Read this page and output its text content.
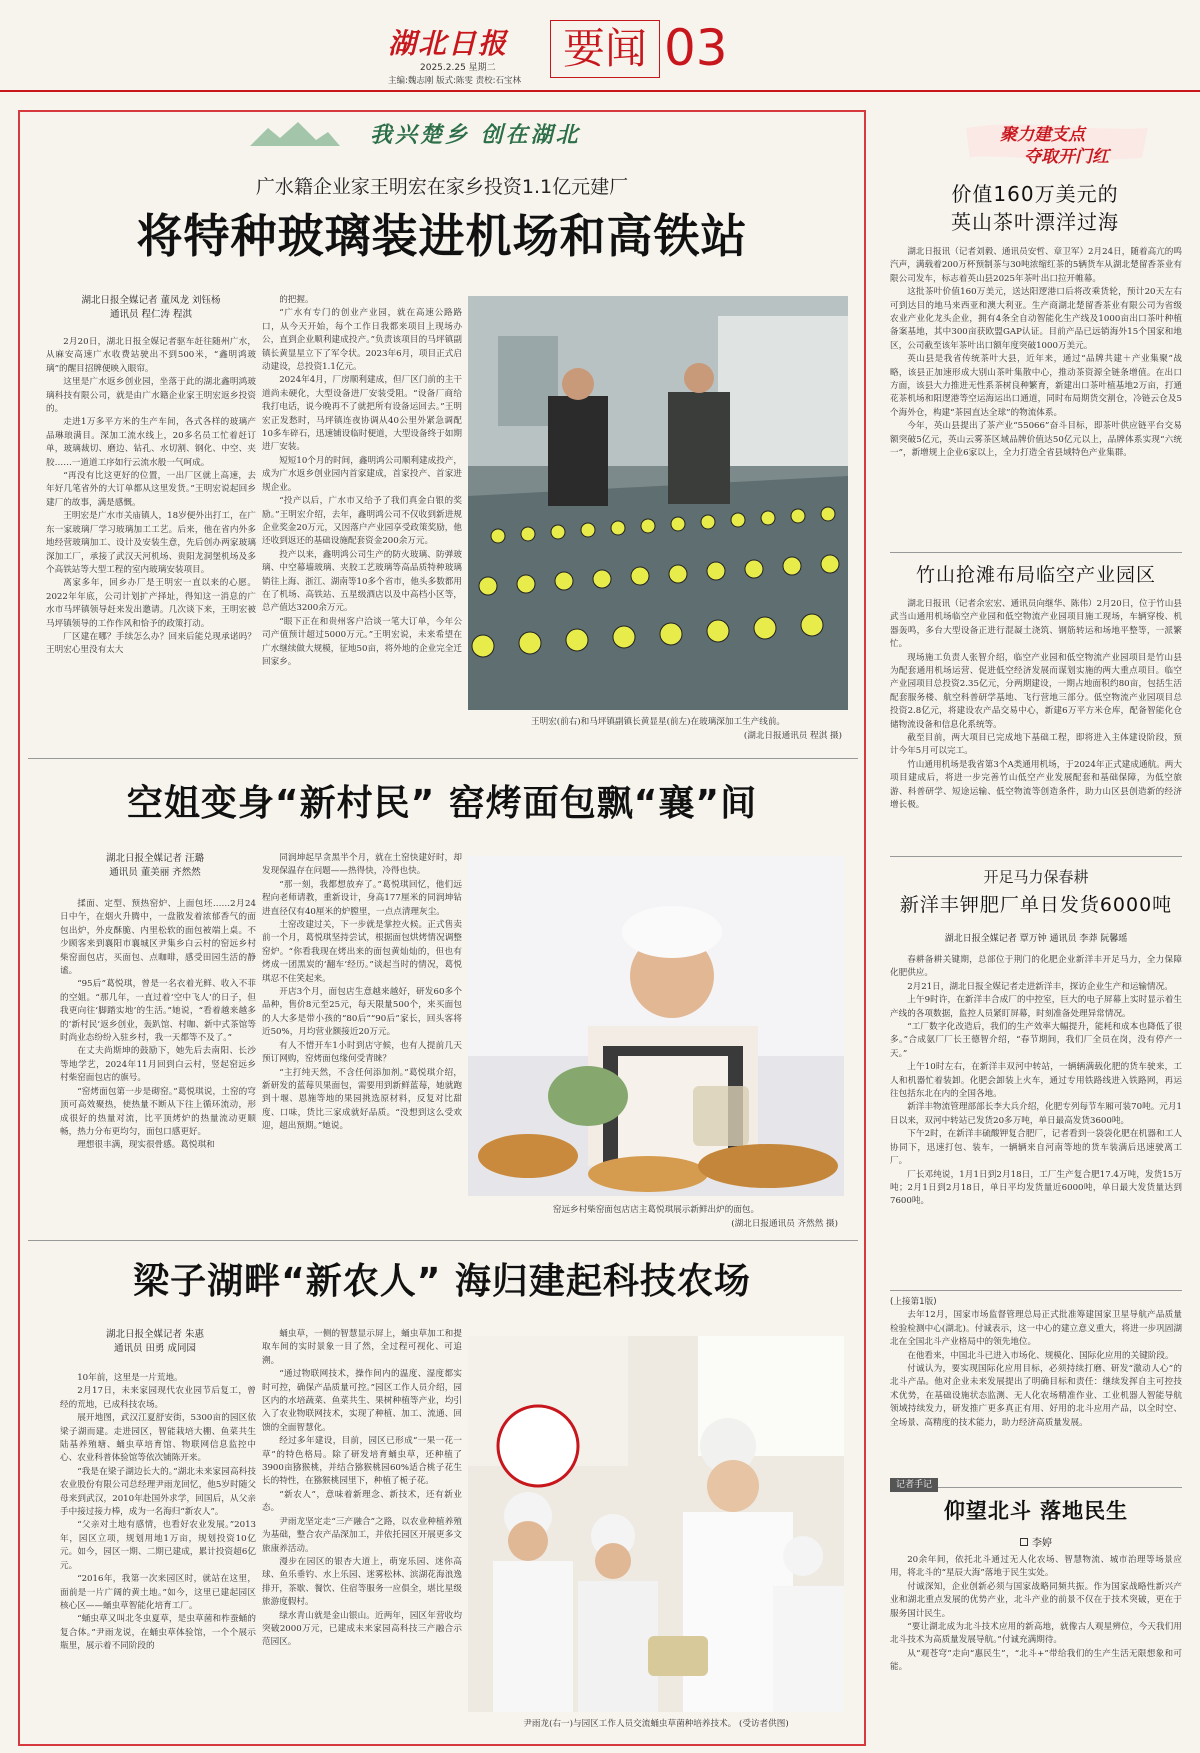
湖北日报
2025.2.25 星期二
主编:魏志刚 版式:陈雯 责校:石宝林
要闻 03
我兴楚乡 创在湖北
广水籍企业家王明宏在家乡投资1.1亿元建厂
将特种玻璃装进机场和高铁站
湖北日报全媒记者 董凤龙 刘钰杨
通讯员 程仁涛 程淇

2月20日，湖北日报全媒记者驱车赶往随州广水，从麻安高速广水收费站驶出不到500米，“鑫明鸿玻璃”的醒目招牌便映入眼帘。

这里是广水返乡创业园，坐落于此的湖北鑫明鸿玻璃科技有限公司，就是由广水籍企业家王明宏返乡投资的。

走进1万多平方米的生产车间，各式各样的玻璃产品琳琅满目。深加工流水线上，20多名员工忙着赶订单，玻璃裁切、磨边、钻孔、水切割、钢化、中空、夹胶……一道道工序如行云流水般一气呵成。

“再没有比这更好的位置，一出厂区就上高速，去年好几笔省外的大订单都从这里发货。”王明宏说起回乡建厂的故事，满是感慨。

王明宏是广水市关庙镇人，18岁便外出打工，在广东一家玻璃厂学习玻璃加工工艺。后来，他在省内外多地经营玻璃加工、设计及安装生意，先后创办两家玻璃深加工厂，承接了武汉天河机场、贵阳龙洞堡机场及多个高铁站等大型工程的室内玻璃安装项目。

离家多年，回乡办厂是王明宏一直以来的心愿。2022年年底，公司计划扩产择址，得知这一消息的广水市马坪镇领导赶来发出邀请。几次谈下来，王明宏被马坪镇领导的工作作风和恰予的政策打动。

厂区建在哪？手续怎么办？回来后能兑现承诺吗？王明宏心里没有太大

的把握。

“广水有专门的创业产业园，就在高速公路路口，从今天开始，每个工作日我都来项目上现场办公，直到企业顺利建成投产。”负责该项目的马坪镇副镇长黄显星立下了军令状。2023年6月，项目正式启动建设，总投资1.1亿元。

2024年4月，厂房顺利建成，但厂区门前的主干道尚未硬化，大型设备进厂安装受阻。“设备厂商给我打电话，说今晚再不了就把所有设备运回去。”王明宏正发愁时，马坪镇连夜协调从40公里外紧急调配10多车碎石，迅速铺设临时便道，大型设备终于如期进厂安装。

短短10个月的时间，鑫明鸿公司顺利建成投产，成为广水返乡创业园内首家建成，首家投产、首家进规企业。

“投产以后，广水市又给予了我们真金白银的奖励。”王明宏介绍，去年，鑫明鸿公司不仅收到新进规企业奖金20万元，又因落户产业园享受政策奖励，他还收到返还的基础设施配套资金200余万元。

投产以来，鑫明鸿公司生产的防火玻璃、防弹玻璃、中空幕墙玻璃、夹胶工艺玻璃等高品质特种玻璃销往上海、浙江、湖南等10多个省市，他头多数都用在了机场、高铁站、五星级酒店以及中高档小区等，总产值达3200余万元。

“眼下正在和贵州客户洽谈一笔大订单，今年公司产值预计超过5000万元。”王明宏说，未来希望在广水继续做大规模，征地50亩，将外地的企业完全迁回家乡。

王明宏(前右)和马坪镇副镇长黄显星(前左)在玻璃深加工生产线前。
(湖北日报通讯员 程淇 摄)
空姐变身“新村民” 窑烤面包飘“襄”间
湖北日报全媒记者 汪璐
通讯员 董美丽 齐然然

揉面、定型、预热窑炉、上面包坯……2月24日中午，在烟火升腾中，一盘散发着浓郁香气的面包出炉，外皮酥脆、内里松软的面包被端上桌。不少顾客来到襄阳市襄城区尹集乡白云村的窑远乡村柴窑面包店，买面包、点咖啡，感受田园生活的静谧。

“95后”葛悦琪，曾是一名衣着光鲜、收入不菲的空姐。“那几年，一直过着‘空中飞人’的日子，但我更向往‘脚踏实地’的生活。”她说，“看着越来越多的‘新村民’返乡创业，轰趴馆、村咖、新中式茶馆等时尚业态纷纷入驻乡村，我一天都等不及了。”

在丈夫尚斯坤的鼓励下，她先后去南阳、长沙等地学艺，2024年11月回到白云村，竖起窑远乡村柴窑面包店的旗号。

“窑烤面包第一步是砌窑。”葛悦琪说，土窑的穹顶可高效聚热，使热量不断从下往上循环流动，形成很好的热量对流，比平顶烤炉的热量流动更顺畅，热力分布更均匀，面包口感更好。

理想很丰满，现实很骨感。葛悦琪和

同润坤起早贪黑半个月，就在土窑快建好时，却发现保温存在问题——热得快，冷得也快。

“那一刻，我都想放弃了。”葛悦琪回忆，他们远程向老师请教，重新设计，身高177厘米的同润坤钻进直径仅有40厘米的炉膛里，一点点清理灰尘。

土窑改建过关，下一步就是掌控火候。正式售卖前一个月，葛悦琪坚持尝试，根据面包烘烤情况调整窑炉。“你看我现在烤出来的面包黄灿灿的，但也有烤成一团黑炭的‘翻车’经历。”谈起当时的情况，葛悦琪忍不住笑起来。

开店3个月，面包店生意越来越好，研发60多个品种，售价8元至25元，每天限量500个，来买面包的人大多是带小孩的“80后”“90后”家长，回头客将近50%，月均营业额接近20万元。

有人不惜开车1小时到店守候，也有人提前几天预订网购，窑烤面包缘何受青睐？

“主打纯天然，不含任何添加剂。”葛悦琪介绍，新研发的蓝莓贝果面包，需要用到新鲜蓝莓，她就跑到十堰、恩施等地的果园挑选原材料，反复对比甜度、口味，货比三家成就好品质。“没想到这么受欢迎，超出预期。”她说。

窑远乡村柴窑面包店店主葛悦琪展示新鲜出炉的面包。
(湖北日报通讯员 齐然然 摄)
梁子湖畔“新农人” 海归建起科技农场
湖北日报全媒记者 朱惠
通讯员 田勇 成同园

10年前，这里是一片荒地。

2月17日，未来家园现代农业园节后复工，曾经的荒地，已成科技农场。

展开地图，武汉江夏舒安街，5300亩的园区依梁子湖而建。走进园区，智能栽培大棚、鱼菜共生陆基养殖塘、蛹虫草培育馆、物联网信息监控中心、农业科普体验馆等依次铺陈开来。

“我是在梁子湖边长大的。”湖北未来家园高科技农业股份有限公司总经理尹雨龙回忆，他5岁时随父母来到武汉，2010年赴国外求学，回国后，从父亲手中接过接力棒，成为一名海归“新农人”。

“父亲对土地有感情，也看好农业发展。”2013年，园区立项，规划用地1万亩，规划投资10亿元。如今，园区一期、二期已建成，累计投资超6亿元。

“2016年，我第一次来园区时，就站在这里，面前是一片广阔的黄土地。”如今，这里已建起园区核心区——蛹虫草智能化培育工厂。

“蛹虫草又叫北冬虫夏草，是虫草菌和柞蚕蛹的复合体。”尹雨龙说，在蛹虫草体验馆，一个个展示瓶里，展示着不同阶段的

蛹虫草，一侧的智慧显示屏上，蛹虫草加工和提取车间的实时景象一目了然，全过程可视化、可追溯。

“通过物联网技术，操作间内的温度、湿度都实时可控，确保产品质量可控。”园区工作人员介绍，园区内的水培蔬菜、鱼菜共生、果树种植等产业，均引入了农业物联网技术，实现了种植、加工、流通、回馈的全面智慧化。

经过多年建设，目前，园区已形成“一果一花一草”的特色格局。除了研发培育蛹虫草，还种植了3900亩猕猴桃，并结合猕猴桃园60%适合桃子花生长的特性，在猕猴桃园里下，种植了栀子花。

“新农人”，意味着新理念、新技术，还有新业态。

尹雨龙坚定走“三产融合”之路，以农业种植养殖为基础，整合农产品深加工，并依托园区开展更多文旅康养活动。

漫步在园区的银杏大道上，萌宠乐园、迷你高球、鱼乐垂钓、水上乐园、迷雾松林、滨湖花海浪逸排开，茶歇、餐饮、住宿等服务一应俱全，堪比星级旅游度假村。

绿水青山就是金山银山。近两年，园区年营收均突破2000万元，已建成未来家园高科技三产融合示范园区。

尹雨龙(右一)与园区工作人员交流蛹虫草菌种培养技术。 (受访者供图)
聚力建支点
夺取开门红
价值160万美元的
英山茶叶漂洋过海

湖北日报讯（记者刘毅、通讯员安哲、章卫军）2月24日，随着高亢的鸣汽声，满载着200万杯预制茶与30吨浓缩红茶的5辆货车从湖北楚留香茶业有限公司发车，标志着英山县2025年茶叶出口拉开帷幕。

这批茶叶价值160万美元，送达阳逻港口后将改乘货轮，预计20天左右可到达目的地马来西亚和澳大利亚。生产商湖北楚留香茶业有限公司为省级农业产业化龙头企业，拥有4条全自动智能化生产线及1000亩出口茶叶种植备案基地，其中300亩获欧盟GAP认证。目前产品已远销海外15个国家和地区，公司截至该年茶叶出口额年度突破1000万美元。

英山县是我省传统茶叶大县，近年来，通过“品牌共建＋产业集聚”战略，该县正加速形成大别山茶叶集散中心，推动茶资源全链条增值。在出口方面，该县大力推进无性系茶树良种繁育，新建出口茶叶植基地2万亩，打通花茶机场和阳逻港等空运海运出口通道，同时布局期货交割仓，冷链云仓及5个海外仓，构建“茶园直达全球”的物流体系。

今年，英山县提出了茶产业“55066”奋斗目标，即茶叶供应链平台交易额突破5亿元，英山云雾茶区域品牌价值达50亿元以上，品牌体系实现“六统一”，新增规上企业6家以上，全力打造全省县域特色产业集群。

竹山抢滩布局临空产业园区

湖北日报讯（记者余宏宏、通讯员向继华、陈伟）2月20日，位于竹山县武当山通用机场临空产业园和低空物流产业园项目施工现场，车辆穿梭、机器轰鸣，多台大型设备正进行混凝土浇筑、钢筋转运和场地平整等，一派繁忙。

现场施工负责人张智介绍，临空产业园和低空物流产业园项目是竹山县为配套通用机场运营、促进低空经济发展而谋划实施的两大重点项目。临空产业园项目总投资2.35亿元，分两期建设，一期占地面积约80亩，包括生活配套服务楼、航空科普研学基地、飞行营地三部分。低空物流产业园项目总投资2.8亿元，将建设农产品交易中心，新建6万平方米仓库，配备智能化仓储物流设备和信息化系统等。

截至目前，两大项目已完成地下基础工程，即将进入主体建设阶段，预计今年5月可以完工。

竹山通用机场是我省第3个A类通用机场，于2024年正式建成通航。两大项目建成后，将进一步完善竹山低空产业发展配套和基础保障，为低空旅游、科普研学、短途运输、低空物流等创造条件，助力山区县创造新的经济增长极。

开足马力保春耕
新洋丰钾肥厂单日发货6000吨
湖北日报全媒记者 覃万钟 通讯员 李莽 阮馨瑶

春耕备耕关键期，总部位于荆门的化肥企业新洋丰开足马力，全力保障化肥供应。

2月21日，湖北日报全媒记者走进新洋丰，探访企业生产和运输情况。

上午9时许，在新洋丰合成厂的中控室，巨大的电子屏幕上实时显示着生产线的各项数据，监控人员紧盯屏幕，时刻准备处理异常情况。

“工厂数字化改造后，我们的生产效率大幅提升，能耗和成本也降低了很多。”合成氨厂厂长王德智介绍，“春节期间，我们厂全员在岗，没有停产一天。”

上午10时左右，在新洋丰双河中转站，一辆辆满载化肥的货车驶来，工人和机器忙着装卸。化肥会卸装上火车，通过专用铁路线进入铁路网，再运往包括东北在内的全国各地。

新洋丰物流管理部部长李大兵介绍，化肥专列每节车厢可装70吨。元月1日以来，双河中转站已发货20多万吨，单日最高发货3600吨。

下午2时，在新洋丰硫酸钾复合肥厂，记者看到一袋袋化肥在机器和工人协同下，迅速打包、装车，一辆辆来自河南等地的货车装满后迅速驶离工厂。

厂长邓纯说，1月1日到2月18日，工厂生产复合肥17.4万吨，发货15万吨；2月1日到2月18日，单日平均发货量近6000吨，单日最大发货量达到7600吨。

(上接第1版)

去年12月，国家市场监督管理总局正式批准筹建国家卫星导航产品质量检验检测中心(湖北)。付诚表示，这一中心的建立意义重大，将进一步巩固湖北在全国北斗产业格局中的领先地位。

在他看来，中国北斗已进入市场化、规模化、国际化应用的关键阶段。

付诚认为，要实现国际化应用目标，必须持续打磨、研发“激动人心”的北斗产品。他对企业未来发展提出了明确目标和责任：继续发挥自主可控技术优势，在基础设施状态监测、无人化农场精准作业、工业机器人智能导航领域持续发力，研发推广更多真正有用、好用的北斗应用产品，以全时空、全场景、高精度的技术能力，助力经济高质量发展。

记者手记
仰望北斗 落地民生
李婷

20余年间，依托北斗通过无人化农场、智慧物流、城市治理等场景应用，将北斗的“星辰大海”落地于民生实处。

付诚深知，企业创新必须与国家战略同频共振。作为国家战略性新兴产业和湖北重点发展的优势产业，北斗产业的前景不仅在于技术突破，更在于服务国计民生。

“要让湖北成为北斗技术应用的新高地，就像古人观星辨位，今天我们用北斗技术为高质量发展导航。”付诚充满期待。

从“观苍穹”走向“惠民生”，“北斗+”带给我们的生产生活无限想象和可能。
